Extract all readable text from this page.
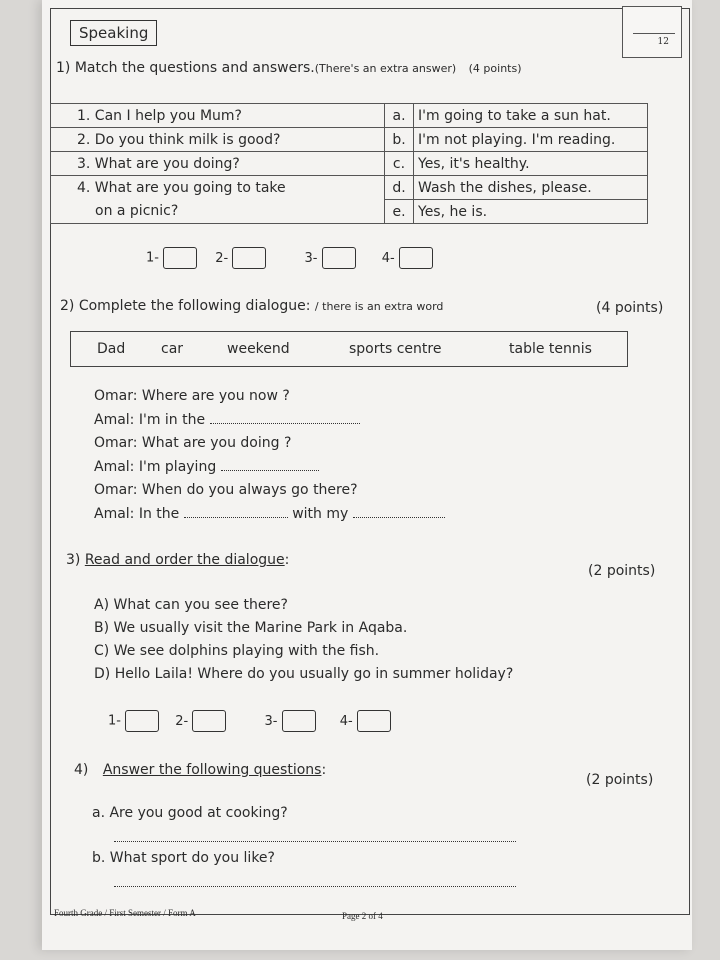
Speaking	12
1) Match the questions and answers.(There's an extra answer) (4 points)
1. Can I help you Mum?	a.	I'm going to take a sun hat.
2. Do you think milk is good?	b.	I'm not playing. I'm reading.
3. What are you doing?	c.	Yes, it's healthy.
4. What are you going to take	d.	Wash the dishes, please.
on a picnic?	e.	Yes, he is.
1-	2-	3-	4-
2) Complete the following dialogue: / there is an extra word	(4 points)
Dad	car	weekend	sports centre	table tennis
Omar: Where are you now ?
Amal: I'm in the
Omar: What are you doing ?
Amal: I'm playing
Omar: When do you always go there?
Amal: In the	with my
3) Read and order the dialogue:
(2 points)
A) What can you see there?
B) We usually visit the Marine Park in Aqaba.
C) We see dolphins playing with the fish.
D) Hello Laila! Where do you usually go in summer holiday?
1-	2-	3-	4-
4) Answer the following questions:
(2 points)
a. Are you good at cooking?
b. What sport do you like?
Fourth Grade / First Semester / Form A	Page 2 of 4
